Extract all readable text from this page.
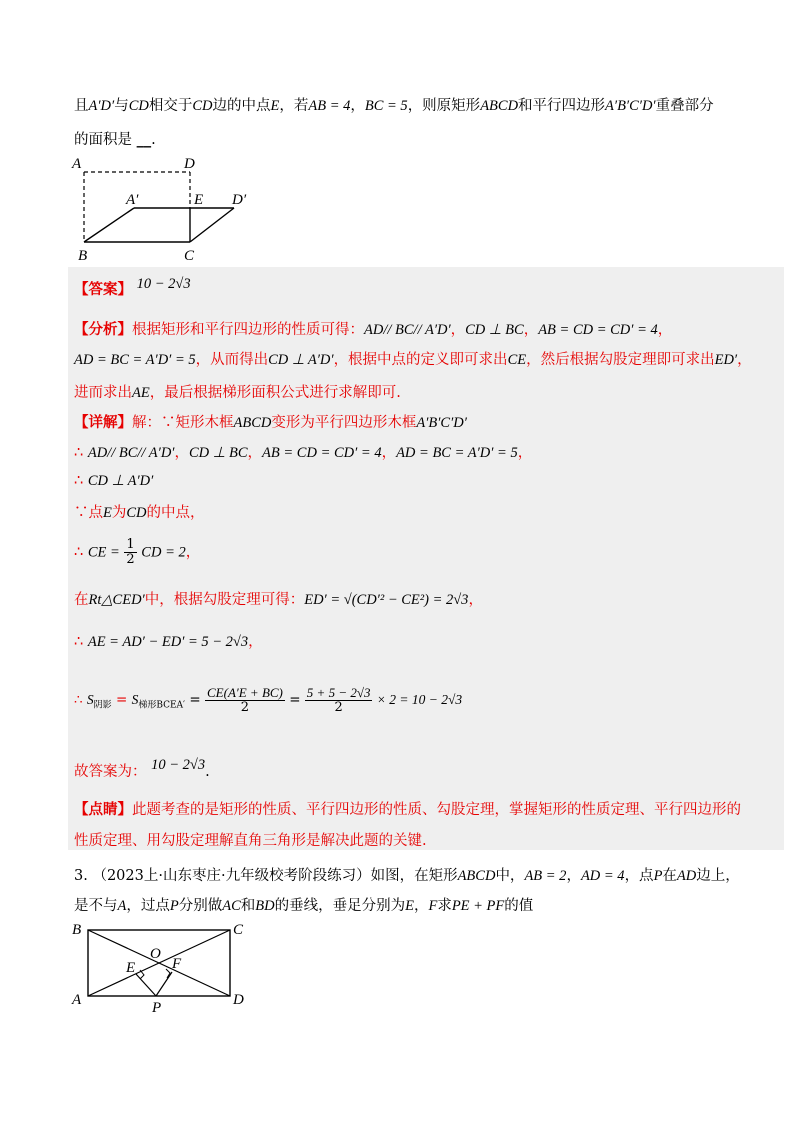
且A′D′与CD相交于CD边的中点E，若AB = 4，BC = 5，则原矩形ABCD和平行四边形A′B′C′D′重叠部分
的面积是 __.
A	D
A′	E D′
B	C
【答案】 10 − 2√3
【分析】根据矩形和平行四边形的性质可得：AD// BC// A′D′，CD ⊥ BC，AB = CD = CD′ = 4，
AD = BC = A′D′ = 5，从而得出CD ⊥ A′D′，根据中点的定义即可求出CE，然后根据勾股定理即可求出ED′，
进而求出AE，最后根据梯形面积公式进行求解即可.
【详解】解：∵矩形木框ABCD变形为平行四边形木框A′B′C′D′
∴ AD// BC// A′D′，CD ⊥ BC，AB = CD = CD′ = 4，AD = BC = A′D′ = 5，
∴ CD ⊥ A′D′
∵点E为CD的中点，
∴ CE = $\frac{1}{2}$ CD = 2，
在Rt△CED′中，根据勾股定理可得：ED′ = √(CD′² − CE²) = 2√3，
∴ AE = AD′ − ED′ = 5 − 2√3，
∴ $S_{阴影} = S_{梯形BCEA'} = \frac{CE(A'E + BC)}{2} = \frac{5 + 5 - 2√3}{2} \times 2 = 10 - 2√3$
故答案为： 10 − 2√3.
【点睛】此题考查的是矩形的性质、平行四边形的性质、勾股定理，掌握矩形的性质定理、平行四边形的
性质定理、用勾股定理解直角三角形是解决此题的关键.
3. （2023上·山东枣庄·九年级校考阶段练习）如图，在矩形ABCD中，AB = 2，AD = 4，点P在AD边上，
是不与A，过点P分别做AC和BD的垂线，垂足分别为E，F求PE + PF的值
B	C
O
E F
A	D
P
